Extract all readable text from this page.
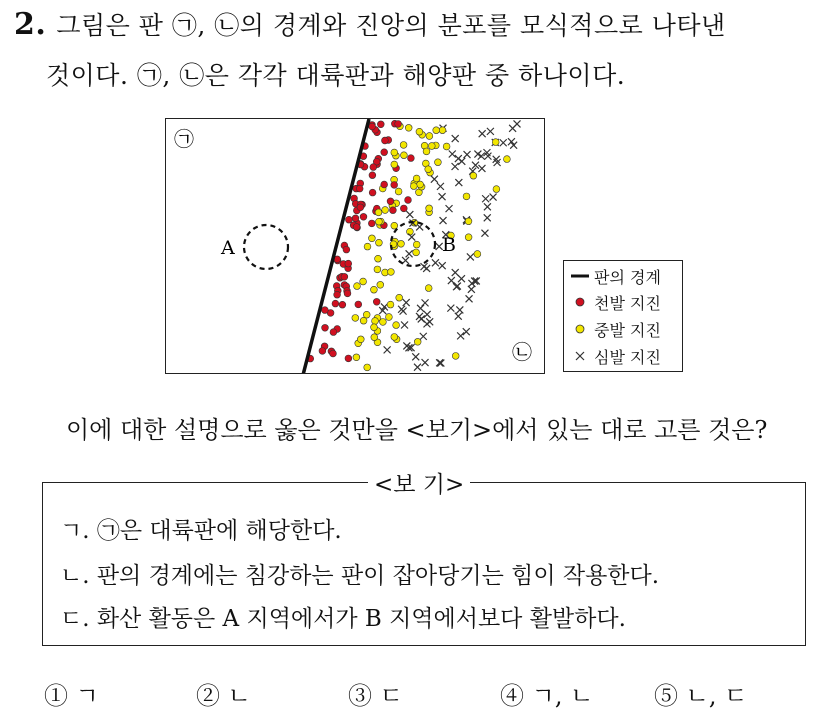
2. 그림은 판 ㉠, ㉡의 경계와 진앙의 분포를 모식적으로 나타낸
것이다. ㉠, ㉡은 각각 대륙판과 해양판 중 하나이다.
A	B
㉠
㉡
판의 경계
천발 지진
중발 지진
심발 지진
이에 대한 설명으로 옳은 것만을 <보기>에서 있는 대로 고른 것은?
<보 기>
ㄱ. ㉠은 대륙판에 해당한다.
ㄴ. 판의 경계에는 침강하는 판이 잡아당기는 힘이 작용한다.
ㄷ. 화산 활동은 A 지역에서가 B 지역에서보다 활발하다.
① ㄱ	② ㄴ	③ ㄷ	④ ㄱ, ㄴ	⑤ ㄴ, ㄷ
